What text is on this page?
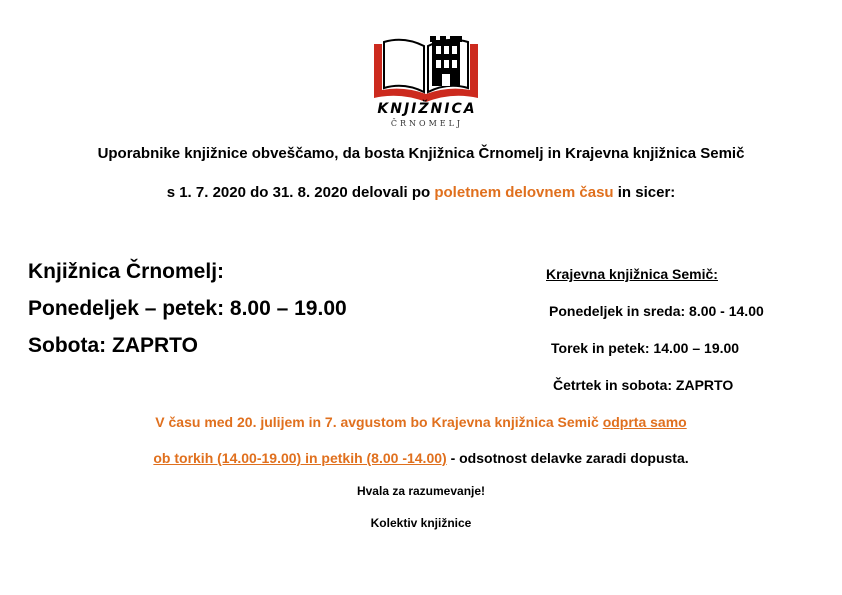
KNJIŽNICA
ČRNOMELJ
Uporabnike knjižnice obveščamo, da bosta Knjižnica Črnomelj in Krajevna knjižnica Semič
s 1. 7. 2020 do 31. 8. 2020 delovali po poletnem delovnem času in sicer:
Knjižnica Črnomelj:
Ponedeljek – petek: 8.00 – 19.00
Sobota: ZAPRTO
Krajevna knjižnica Semič:
Ponedeljek in sreda: 8.00 - 14.00
Torek in petek: 14.00 – 19.00
Četrtek in sobota: ZAPRTO
V času med 20. julijem in 7. avgustom bo Krajevna knjižnica Semič odprta samo
ob torkih (14.00-19.00) in petkih (8.00 -14.00) - odsotnost delavke zaradi dopusta.
Hvala za razumevanje!
Kolektiv knjižnice
